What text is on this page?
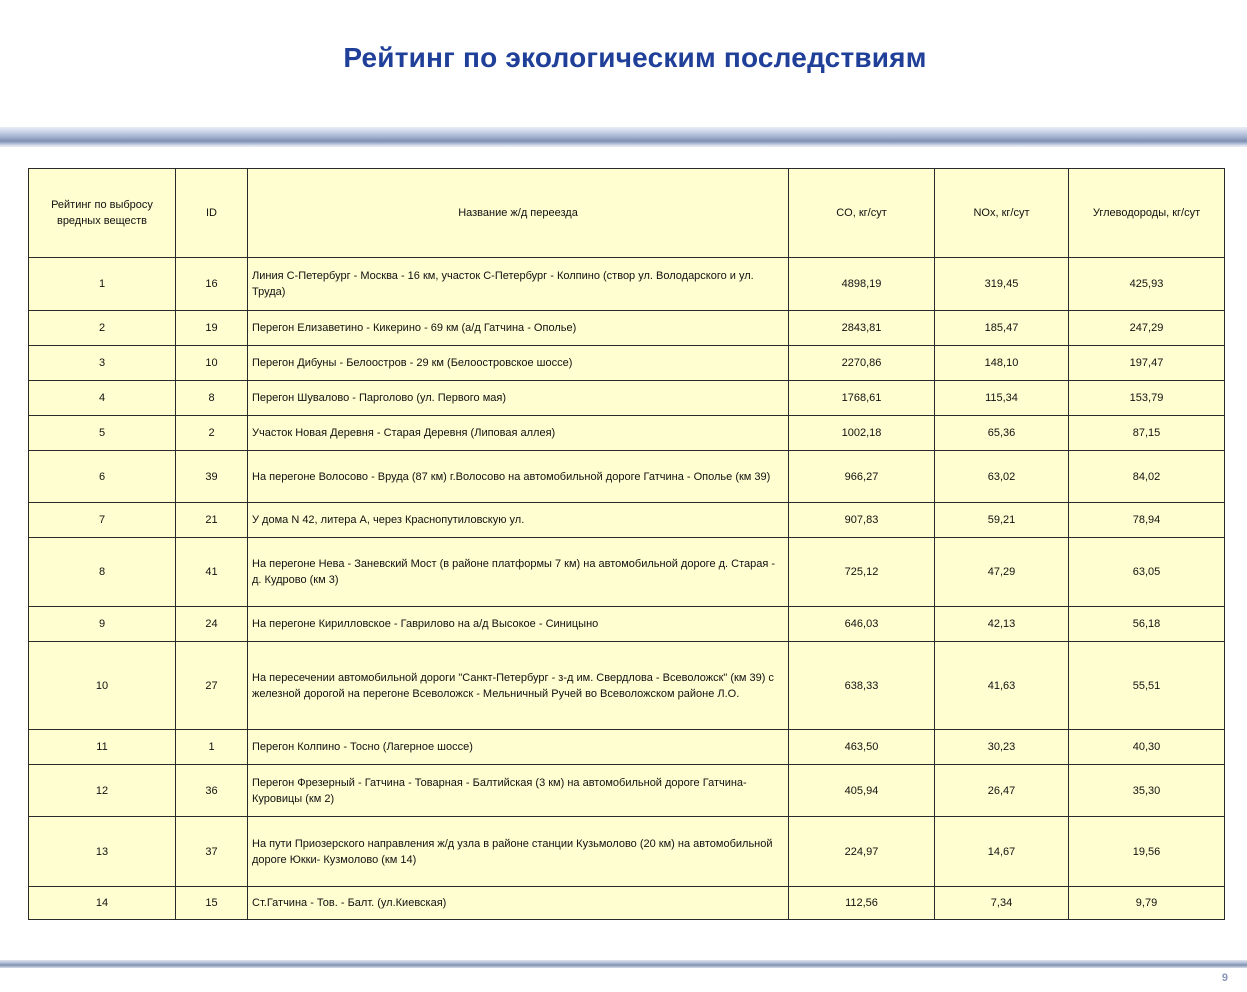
Рейтинг по экологическим последствиям
Рейтинг по выбросу вредных веществ	ID	Название ж/д переезда	CO, кг/сут	NOx, кг/сут	Углеводороды, кг/сут
1	16	Линия С-Петербург - Москва - 16 км, участок С-Петербург - Колпино (створ ул. Володарского и ул. Труда)	4898,19	319,45	425,93
2	19	Перегон Елизаветино - Кикерино - 69 км (а/д Гатчина - Ополье)	2843,81	185,47	247,29
3	10	Перегон Дибуны - Белоостров - 29 км (Белоостровское шоссе)	2270,86	148,10	197,47
4	8	Перегон Шувалово - Парголово (ул. Первого мая)	1768,61	115,34	153,79
5	2	Участок Новая Деревня - Старая Деревня (Липовая аллея)	1002,18	65,36	87,15
6	39	На перегоне Волосово - Вруда (87 км) г.Волосово на автомобильной дороге Гатчина - Ополье (км 39)	966,27	63,02	84,02
7	21	У дома N 42, литера А, через Краснопутиловскую ул.	907,83	59,21	78,94
8	41	На перегоне Нева - Заневский Мост (в районе платформы 7 км) на автомобильной дороге д. Старая - д. Кудрово (км 3)	725,12	47,29	63,05
9	24	На перегоне Кирилловское - Гаврилово на а/д Высокое - Синицыно	646,03	42,13	56,18
10	27	На пересечении автомобильной дороги "Санкт-Петербург - з-д им. Свердлова - Всеволожск" (км 39) с железной дорогой на перегоне Всеволожск - Мельничный Ручей во Всеволожском районе Л.О.	638,33	41,63	55,51
11	1	Перегон Колпино - Тосно (Лагерное шоссе)	463,50	30,23	40,30
12	36	Перегон Фрезерный - Гатчина - Товарная - Балтийская (3 км) на автомобильной дороге Гатчина-Куровицы (км 2)	405,94	26,47	35,30
13	37	На пути Приозерского направления ж/д узла в районе станции Кузьмолово (20 км) на автомобильной дороге Юкки- Кузмолово (км 14)	224,97	14,67	19,56
14	15	Ст.Гатчина - Тов. - Балт. (ул.Киевская)	112,56	7,34	9,79
9
